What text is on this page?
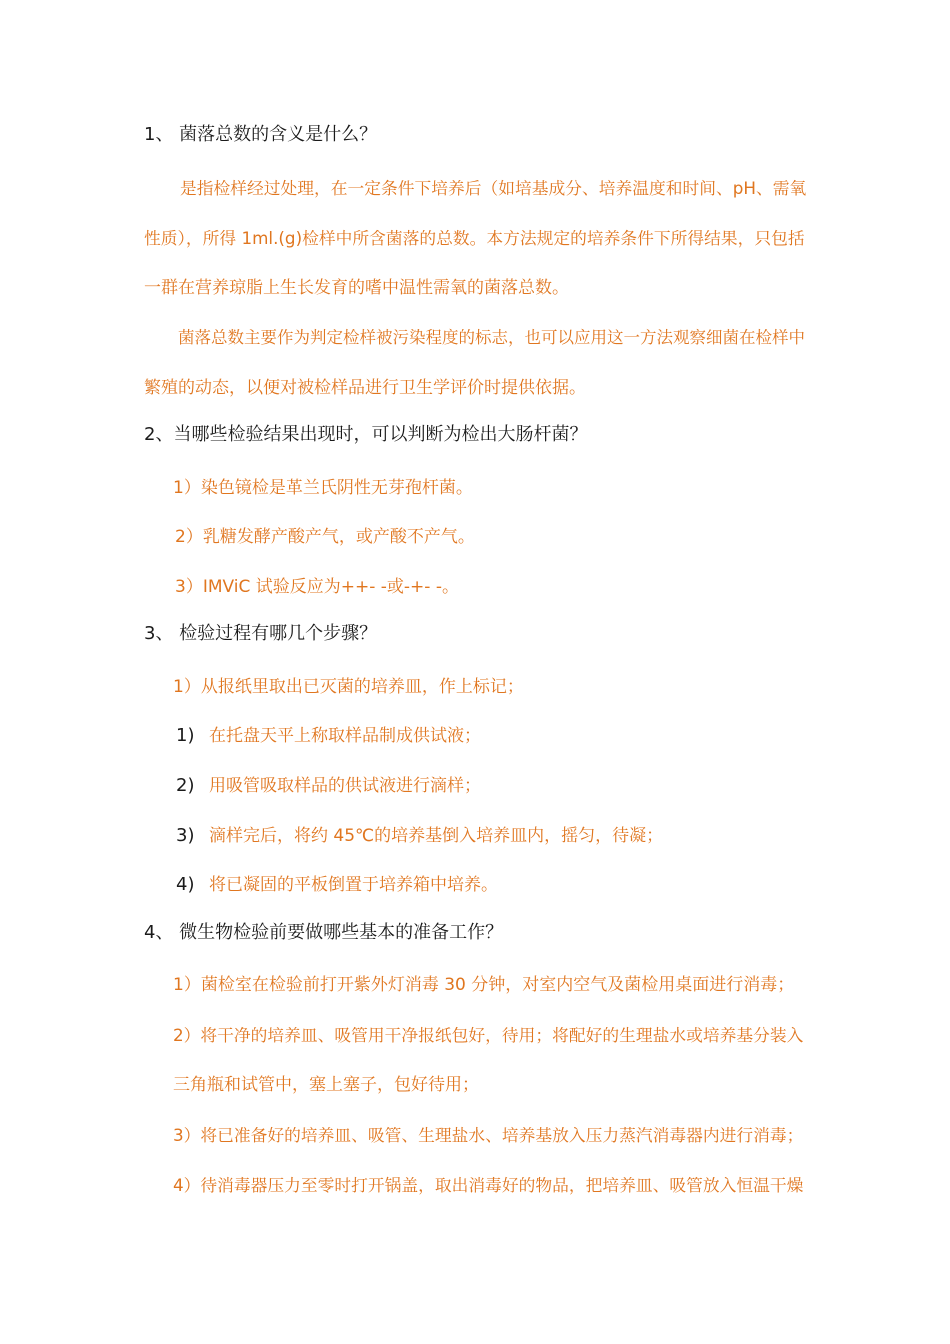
1、 菌落总数的含义是什么？
是指检样经过处理，在一定条件下培养后（如培基成分、培养温度和时间、pH、需氧
性质），所得 1ml.(g)检样中所含菌落的总数。本方法规定的培养条件下所得结果，只包括
一群在营养琼脂上生长发育的嗜中温性需氧的菌落总数。
菌落总数主要作为判定检样被污染程度的标志，也可以应用这一方法观察细菌在检样中
繁殖的动态，以便对被检样品进行卫生学评价时提供依据。
2、当哪些检验结果出现时，可以判断为检出大肠杆菌？
1）染色镜检是革兰氏阴性无芽孢杆菌。
2）乳糖发酵产酸产气，或产酸不产气。
3）IMViC 试验反应为++- -或-+- -。
3、 检验过程有哪几个步骤？
1）从报纸里取出已灭菌的培养皿，作上标记；
1) 在托盘天平上称取样品制成供试液；
2) 用吸管吸取样品的供试液进行滴样；
3) 滴样完后，将约 45℃的培养基倒入培养皿内，摇匀，待凝；
4) 将已凝固的平板倒置于培养箱中培养。
4、 微生物检验前要做哪些基本的准备工作？
1）菌检室在检验前打开紫外灯消毒 30 分钟，对室内空气及菌检用桌面进行消毒；
2）将干净的培养皿、吸管用干净报纸包好，待用；将配好的生理盐水或培养基分装入
三角瓶和试管中，塞上塞子，包好待用；
3）将已准备好的培养皿、吸管、生理盐水、培养基放入压力蒸汽消毒器内进行消毒；
4）待消毒器压力至零时打开锅盖，取出消毒好的物品，把培养皿、吸管放入恒温干燥
